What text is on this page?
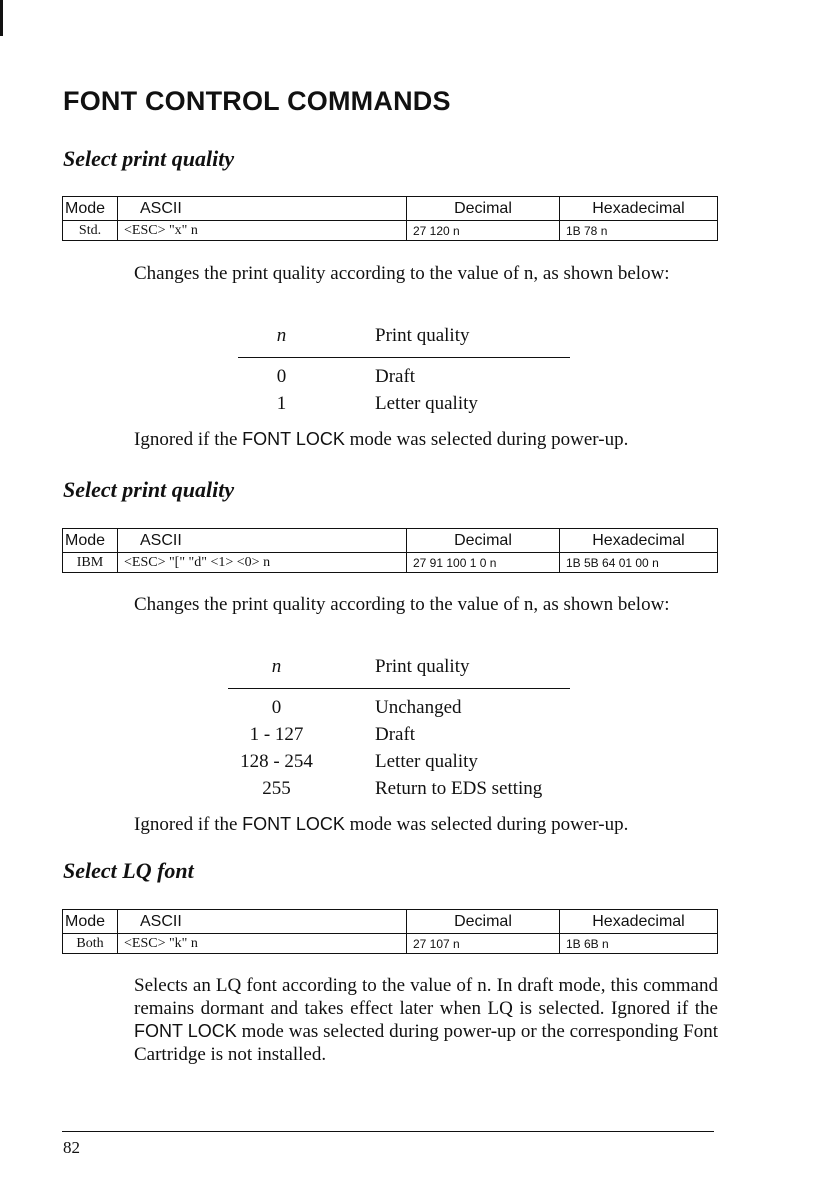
FONT CONTROL COMMANDS
Select print quality
Mode	ASCII	Decimal	Hexadecimal
Std.	<ESC> "x" n	27 120 n	1B 78 n

Changes the print quality according to the value of n, as shown below:

n		Print quality
0		Draft
1		Letter quality

Ignored if the FONT LOCK mode was selected during power-up.

Select print quality
Mode	ASCII	Decimal	Hexadecimal
IBM	<ESC> "[" "d" <1> <0> n	27 91 100 1 0 n	1B 5B 64 01 00 n

Changes the print quality according to the value of n, as shown below:

n		Print quality
0		Unchanged
1 - 127		Draft
128 - 254		Letter quality
255		Return to EDS setting

Ignored if the FONT LOCK mode was selected during power-up.

Select LQ font
Mode	ASCII	Decimal	Hexadecimal
Both	<ESC> "k" n	27 107 n	1B 6B n

Selects an LQ font according to the value of n. In draft mode, this command remains dormant and takes effect later when LQ is selected. Ignored if the FONT LOCK mode was selected during power-up or the corresponding Font Cartridge is not installed.

82
